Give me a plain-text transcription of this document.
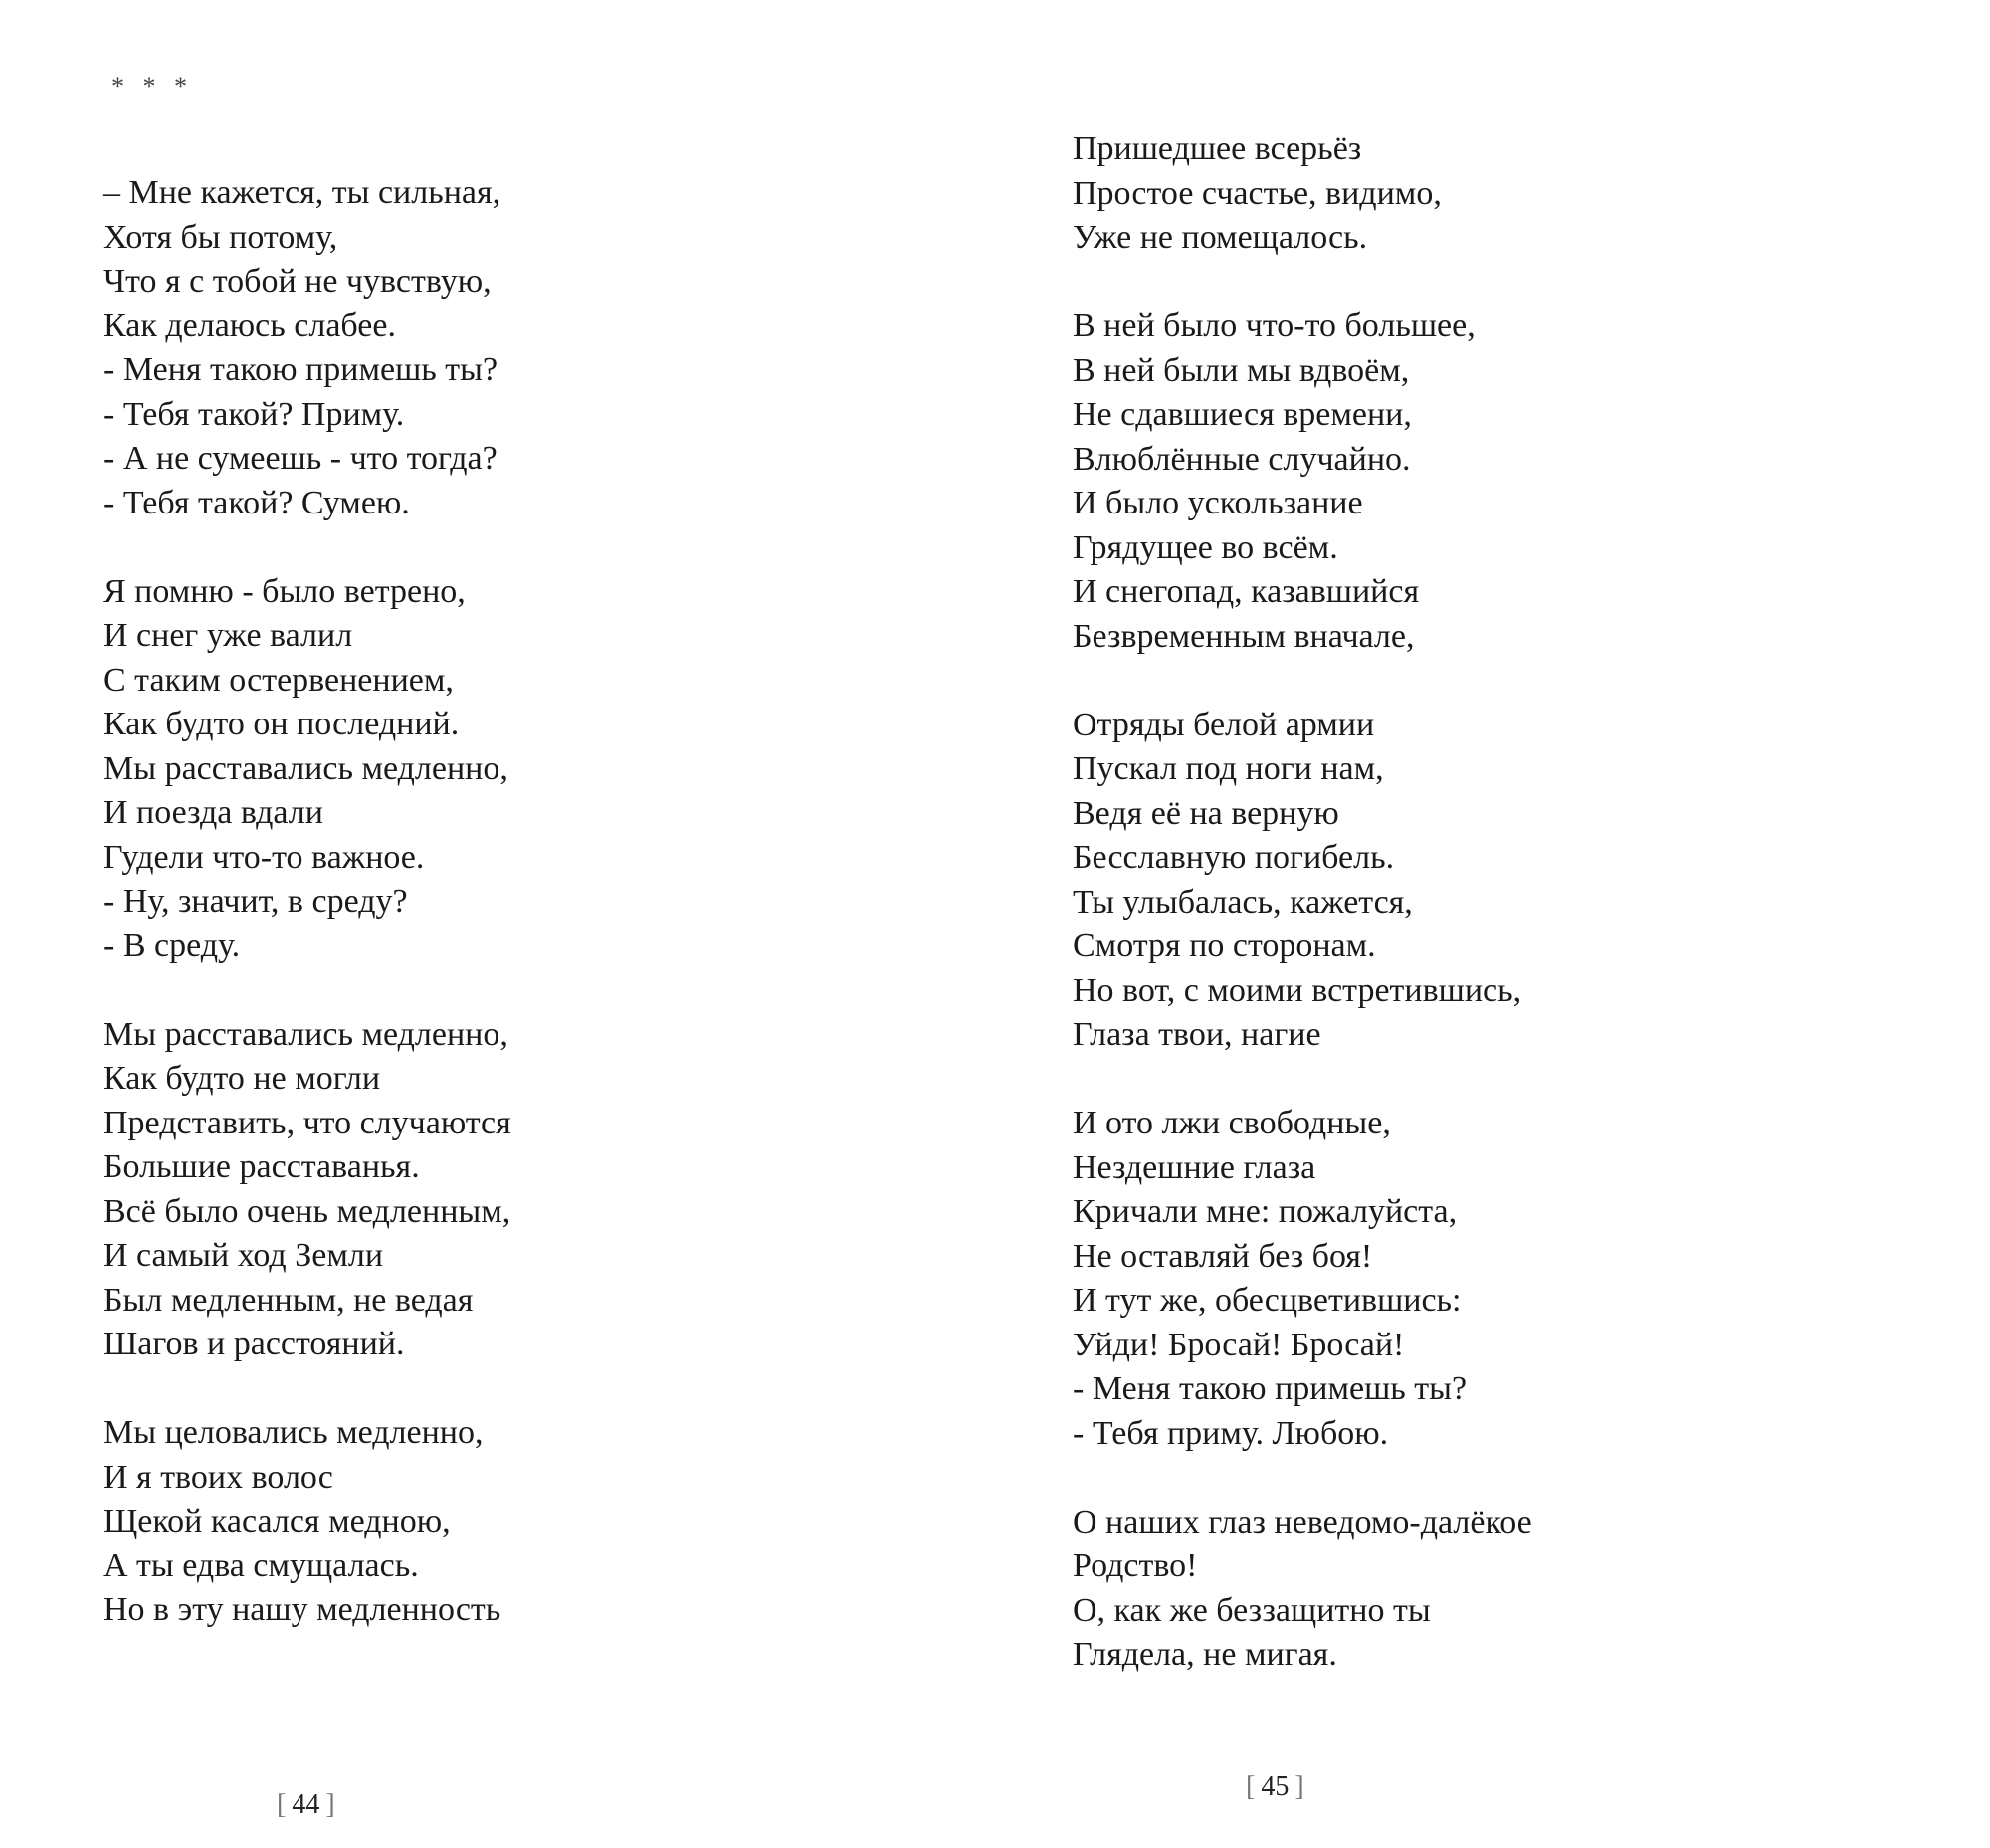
* * *
– Мне кажется, ты сильная,
Хотя бы потому,
Что я с тобой не чувствую,
Как делаюсь слабее.
- Меня такою примешь ты?
- Тебя такой? Приму.
- А не сумеешь - что тогда?
- Тебя такой? Сумею.
Я помню - было ветрено,
И снег уже валил
С таким остервенением,
Как будто он последний.
Мы расставались медленно,
И поезда вдали
Гудели что-то важное.
- Ну, значит, в среду?
- В среду.
Мы расставались медленно,
Как будто не могли
Представить, что случаются
Большие расставанья.
Всё было очень медленным,
И самый ход Земли
Был медленным, не ведая
Шагов и расстояний.
Мы целовались медленно,
И я твоих волос
Щекой касался медною,
А ты едва смущалась.
Но в эту нашу медленность
[ 44 ]
Пришедшее всерьёз
Простое счастье, видимо,
Уже не помещалось.
В ней было что-то большее,
В ней были мы вдвоём,
Не сдавшиеся времени,
Влюблённые случайно.
И было ускользание
Грядущее во всём.
И снегопад, казавшийся
Безвременным вначале,
Отряды белой армии
Пускал под ноги нам,
Ведя её на верную
Бесславную погибель.
Ты улыбалась, кажется,
Смотря по сторонам.
Но вот, с моими встретившись,
Глаза твои, нагие
И ото лжи свободные,
Нездешние глаза
Кричали мне: пожалуйста,
Не оставляй без боя!
И тут же, обесцветившись:
Уйди! Бросай! Бросай!
- Меня такою примешь ты?
- Тебя приму. Любою.
О наших глаз неведомо-далёкое
Родство!
О, как же беззащитно ты
Глядела, не мигая.
[ 45 ]
